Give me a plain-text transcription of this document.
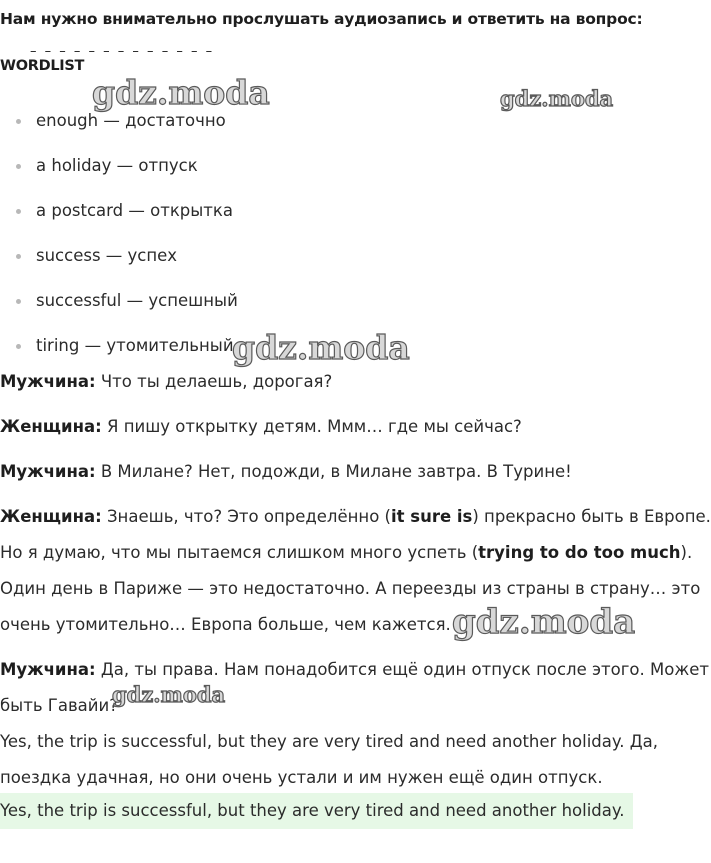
Нам нужно внимательно прослушать аудиозапись и ответить на вопрос:
– – – – – – – – – – – – –
WORDLIST
enough — достаточно
a holiday — отпуск
a postcard — открытка
success — успех
successful — успешный
tiring — утомительный
Мужчина: Что ты делаешь, дорогая?
Женщина: Я пишу открытку детям. Ммм… где мы сейчас?
Мужчина: В Милане? Нет, подожди, в Милане завтра. В Турине!
Женщина: Знаешь, что? Это определённо (it sure is) прекрасно быть в Европе.
Но я думаю, что мы пытаемся слишком много успеть (trying to do too much).
Один день в Париже — это недостаточно. А переезды из страны в страну… это
очень утомительно… Европа больше, чем кажется.
Мужчина: Да, ты права. Нам понадобится ещё один отпуск после этого. Может
быть Гавайи?
Yes, the trip is successful, but they are very tired and need another holiday. Да,
поездка удачная, но они очень устали и им нужен ещё один отпуск.
Yes, the trip is successful, but they are very tired and need another holiday.
gdz.moda	gdz.moda
gdz.moda
gdz.moda
gdz.moda
